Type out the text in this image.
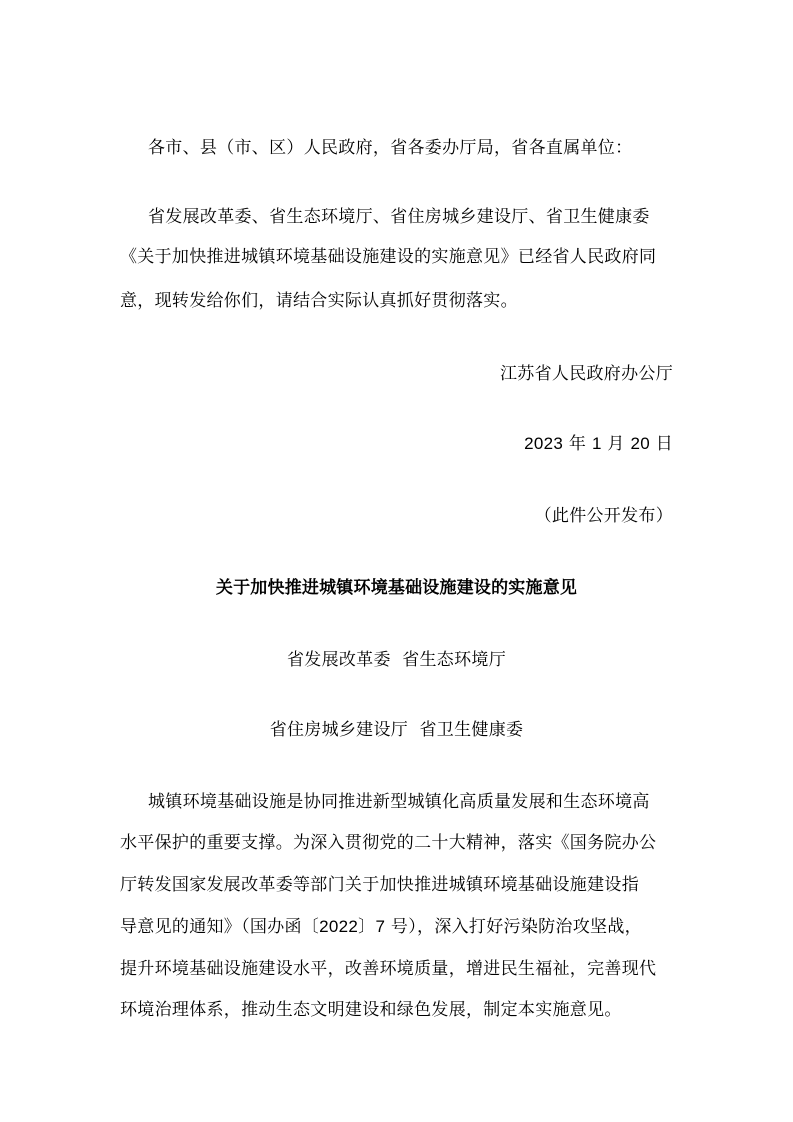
各市、县（市、区）人民政府，省各委办厅局，省各直属单位：
省发展改革委、省生态环境厅、省住房城乡建设厅、省卫生健康委
《关于加快推进城镇环境基础设施建设的实施意见》已经省人民政府同
意，现转发给你们，请结合实际认真抓好贯彻落实。
江苏省人民政府办公厅
2023 年 1 月 20 日
（此件公开发布）
关于加快推进城镇环境基础设施建设的实施意见
省发展改革委  省生态环境厅
省住房城乡建设厅  省卫生健康委
城镇环境基础设施是协同推进新型城镇化高质量发展和生态环境高
水平保护的重要支撑。为深入贯彻党的二十大精神，落实《国务院办公
厅转发国家发展改革委等部门关于加快推进城镇环境基础设施建设指
导意见的通知》（国办函〔2022〕7 号），深入打好污染防治攻坚战，
提升环境基础设施建设水平，改善环境质量，增进民生福祉，完善现代
环境治理体系，推动生态文明建设和绿色发展，制定本实施意见。
